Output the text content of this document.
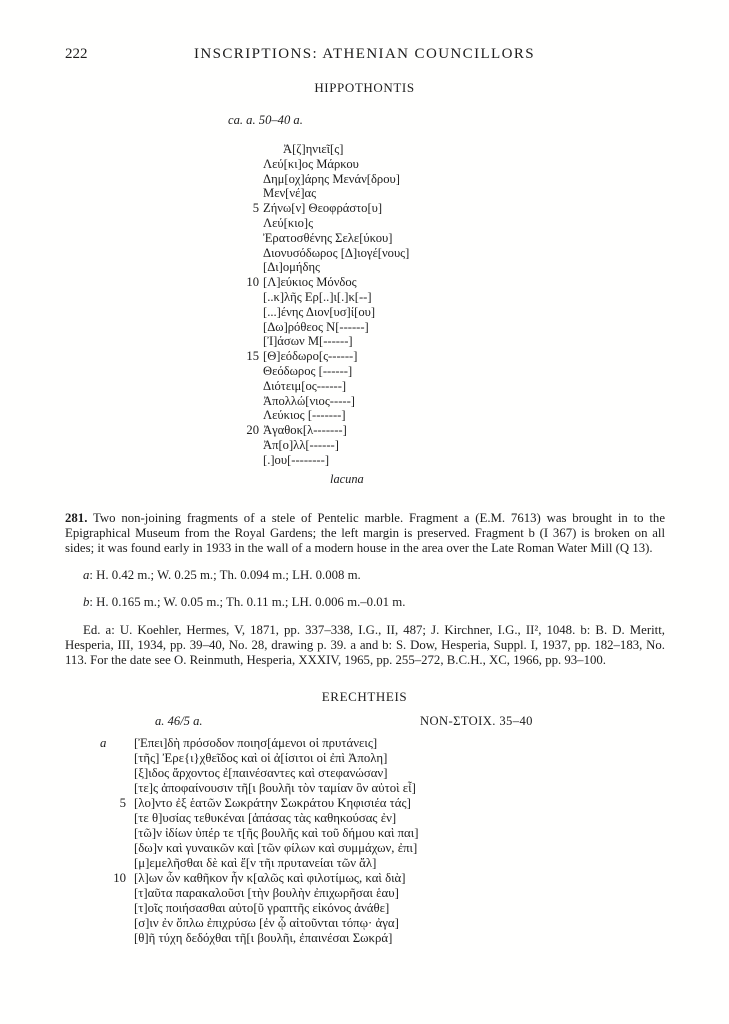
222	INSCRIPTIONS: ATHENIAN COUNCILLORS
HIPPOTHONTIS
ca. a. 50–40 a.
Ἀ[ζ]ηνιεῖ[ς]
Λεύ[κι]ος Μάρκου
Δημ[οχ]άρης Μενάν[δρου]
Μεν[νέ]ας
5 Ζήνω[ν] Θεοφράστο[υ]
Λεύ[κιο]ς
Ἐρατοσθένης Σελε[ύκου]
Διονυσόδωρος [Δ]ιογέ[νους]
[Δι]ομήδης
10 [Λ]εύκιος Μόνδος
[..κ]λῆς Ερ[..]ι[.]κ[--]
[...]ένης Διον[υσ]ί[ου]
[Δω]ρόθεος Ν[------]
[Ἰ]άσων Μ[------]
15 [Θ]εόδωρο[ς------]
Θεόδωρος [------]
Διότειμ[ος------]
Ἀπολλώ[νιος-----]
Λεύκιος [-------]
20 Ἀγαθοκ[λ-------]
Ἀπ[ο]λλ[------]
[.]ου[--------]
lacuna

281. Two non-joining fragments of a stele of Pentelic marble. Fragment a (E.M. 7613) was brought in to the Epigraphical Museum from the Royal Gardens; the left margin is preserved. Fragment b (I 367) is broken on all sides; it was found early in 1933 in the wall of a modern house in the area over the Late Roman Water Mill (Q 13).

a: H. 0.42 m.; W. 0.25 m.; Th. 0.094 m.; LH. 0.008 m.

b: H. 0.165 m.; W. 0.05 m.; Th. 0.11 m.; LH. 0.006 m.–0.01 m.

Ed. a: U. Koehler, Hermes, V, 1871, pp. 337–338, I.G., II, 487; J. Kirchner, I.G., II², 1048. b: B. D. Meritt, Hesperia, III, 1934, pp. 39–40, No. 28, drawing p. 39. a and b: S. Dow, Hesperia, Suppl. I, 1937, pp. 182–183, No. 113. For the date see O. Reinmuth, Hesperia, XXXIV, 1965, pp. 255–272, B.C.H., XC, 1966, pp. 93–100.

ERECHTHEIS
a. 46/5 a.	ΝΟΝ-ΣΤΟΙΧ. 35–40
a	[Ἐπει]δὴ πρόσοδον ποιησ[άμενοι οἱ πρυτάνεις]
[τῆς] Ἐρε{ι}χθεῖδος καὶ οἱ ἀ[ίσιτοι οἱ ἐπὶ Ἀπολη]
[ξ]ιδος ἄρχοντος ἐ[παινέσαντες καὶ στεφανώσαν]
[τε]ς ἀποφαίνουσιν τῆ[ι βουλῆι τὸν ταμίαν ὃν αὐτοὶ εἶ]
5 [λο]ντο ἐξ ἑατῶν Σωκράτην Σωκράτου Κηφισιέα τάς]
[τε θ]υσίας τεθυκέναι [ἁπάσας τὰς καθηκούσας ἐν]
[τῶ]ν ἰδίων ὑπέρ τε τ[ῆς βουλῆς καὶ τοῦ δήμου καὶ παι]
[δω]ν καὶ γυναικῶν καὶ [τῶν φίλων καὶ συμμάχων, ἐπι]
[μ]εμελῆσθαι δὲ καὶ ἔ[ν τῆι πρυτανείαι τῶν ἄλ]
10 [λ]ων ὧν καθῆκον ἦν κ[αλῶς καὶ φιλοτίμως, καὶ διὰ]
[τ]αῦτα παρακαλοῦσι [τὴν βουλὴν ἐπιχωρῆσαι ἑαυ]
[τ]οῖς ποιήσασθαι αὐτο[ῦ γραπτῆς εἰκόνος ἀνάθε]
[σ]ιν ἐν ὅπλω ἐπιχρύσω [ἐν ᾧ αἰτοῦνται τόπῳ· ἀγα]
[θ]ῆ τύχη δεδόχθαι τῆ[ι βουλῆι, ἐπαινέσαι Σωκρά]
